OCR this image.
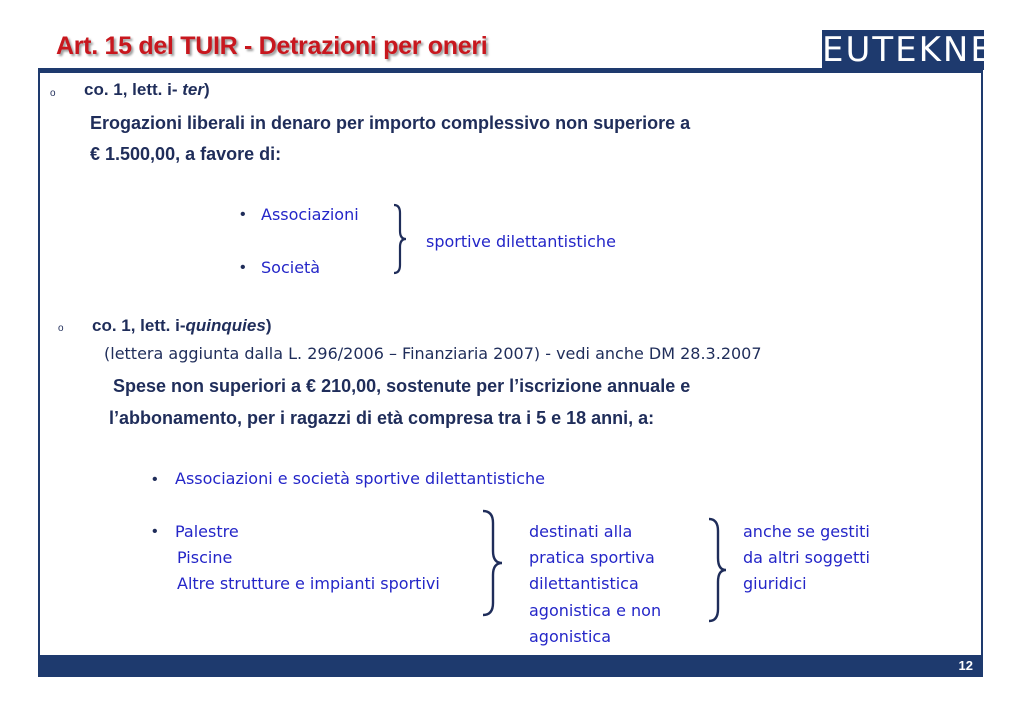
Art. 15 del TUIR - Detrazioni per oneri	EUTEKNE
o co. 1, lett. i- ter)
Erogazioni liberali in denaro per importo complessivo non superiore a
€ 1.500,00, a favore di:
• Associazioni
• Società
sportive dilettantistiche
o co. 1, lett. i-quinquies)
(lettera aggiunta dalla L. 296/2006 – Finanziaria 2007) - vedi anche DM 28.3.2007
Spese non superiori a € 210,00, sostenute per l’iscrizione annuale e
l’abbonamento, per i ragazzi di età compresa tra i 5 e 18 anni, a:
• Associazioni e società sportive dilettantistiche
• Palestre
Piscine
Altre strutture e impianti sportivi
destinati alla
pratica sportiva
dilettantistica
agonistica e non
agonistica
anche se gestiti
da altri soggetti
giuridici
12
